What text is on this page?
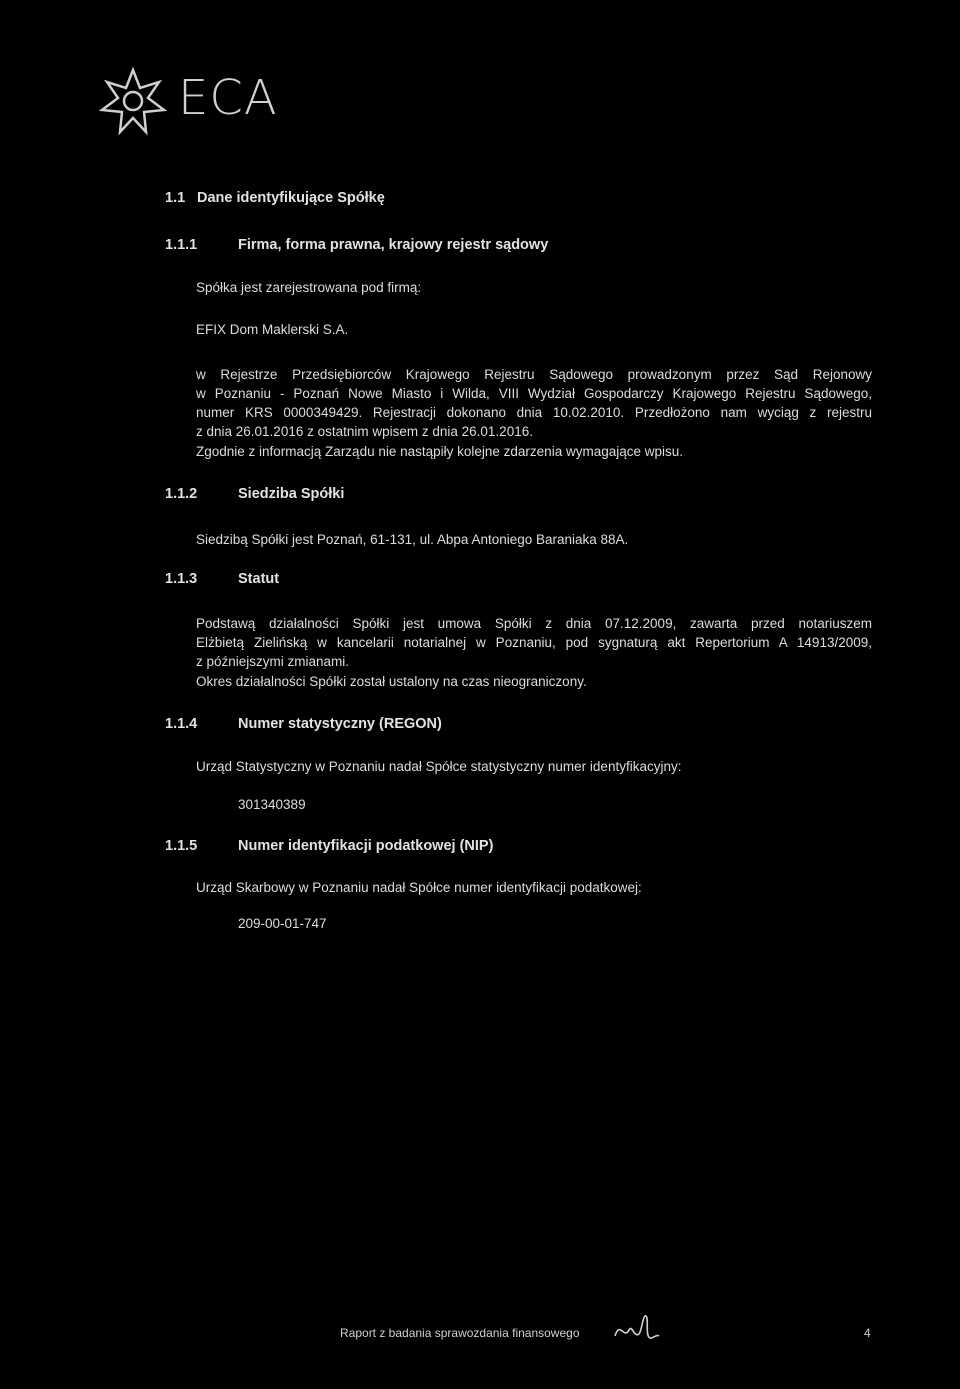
ECA
1.1 Dane identyfikujące Spółkę
1.1.1	Firma, forma prawna, krajowy rejestr sądowy
Spółka jest zarejestrowana pod firmą:
EFIX Dom Maklerski S.A.
w Rejestrze Przedsiębiorców Krajowego Rejestru Sądowego prowadzonym przez Sąd Rejonowy
w Poznaniu - Poznań Nowe Miasto i Wilda, VIII Wydział Gospodarczy Krajowego Rejestru Sądowego,
numer KRS 0000349429. Rejestracji dokonano dnia 10.02.2010. Przedłożono nam wyciąg z rejestru
z dnia 26.01.2016 z ostatnim wpisem z dnia 26.01.2016.
Zgodnie z informacją Zarządu nie nastąpiły kolejne zdarzenia wymagające wpisu.
1.1.2	Siedziba Spółki
Siedzibą Spółki jest Poznań, 61-131, ul. Abpa Antoniego Baraniaka 88A.
1.1.3	Statut
Podstawą działalności Spółki jest umowa Spółki z dnia 07.12.2009, zawarta przed notariuszem
Elżbietą Zielińską w kancelarii notarialnej w Poznaniu, pod sygnaturą akt Repertorium A 14913/2009,
z późniejszymi zmianami.
Okres działalności Spółki został ustalony na czas nieograniczony.
1.1.4	Numer statystyczny (REGON)
Urząd Statystyczny w Poznaniu nadał Spółce statystyczny numer identyfikacyjny:
301340389
1.1.5	Numer identyfikacji podatkowej (NIP)
Urząd Skarbowy w Poznaniu nadał Spółce numer identyfikacji podatkowej:
209-00-01-747
Raport z badania sprawozdania finansowego	4
